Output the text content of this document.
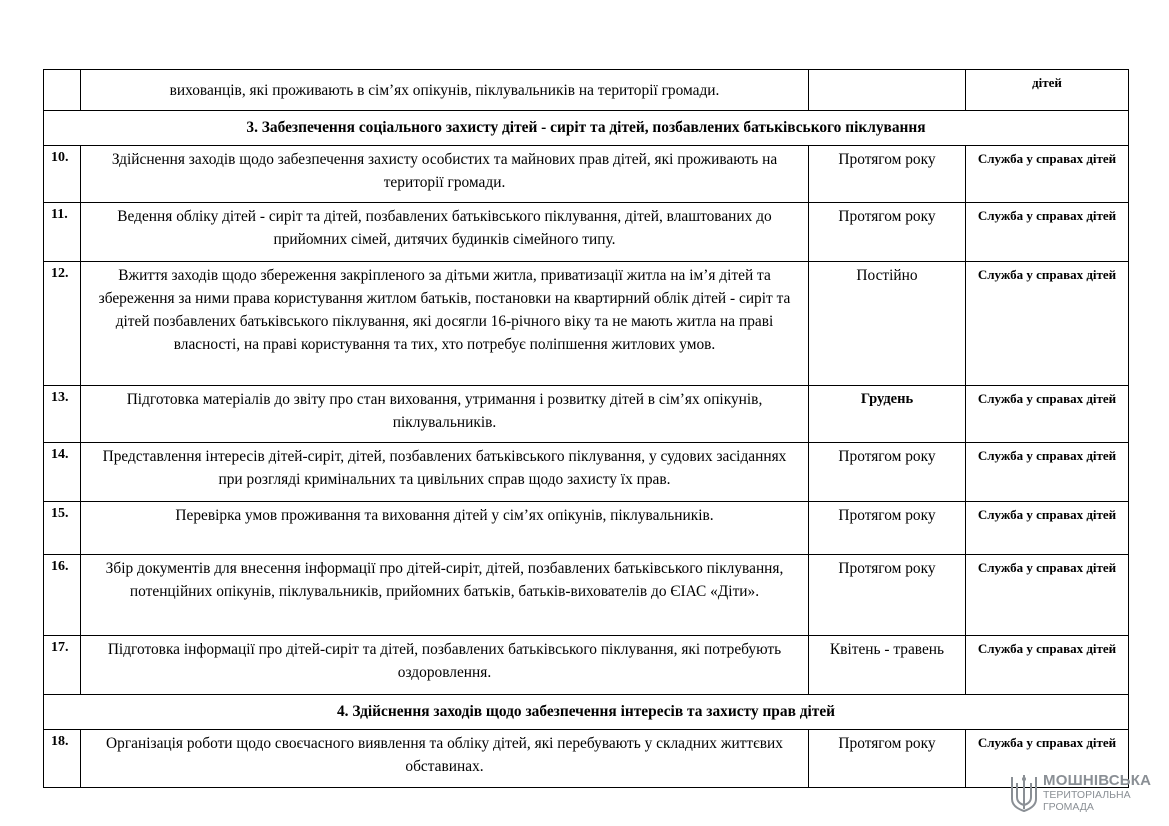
	вихованців, які проживають в сім’ях опікунів, піклувальників на території громади.		дітей
3. Забезпечення соціального захисту дітей - сиріт та дітей, позбавлених батьківського піклування			
10.	Здійснення заходів щодо забезпечення захисту особистих та майнових прав дітей, які проживають на території громади.	Протягом року	Служба у справах дітей
11.	Ведення обліку дітей - сиріт та дітей, позбавлених батьківського піклування, дітей, влаштованих до прийомних сімей, дитячих будинків сімейного типу.	Протягом року	Служба у справах дітей
12.	Вжиття заходів щодо збереження закріпленого за дітьми житла, приватизації житла на ім’я дітей та збереження за ними права користування житлом батьків, постановки на квартирний облік дітей - сиріт та дітей позбавлених батьківського піклування, які досягли 16-річного віку та не мають житла на праві власності, на праві користування та тих, хто потребує поліпшення житлових умов.	Постійно	Служба у справах дітей
13.	Підготовка матеріалів до звіту про стан виховання, утримання і розвитку дітей в сім’ях опікунів, піклувальників.	Грудень	Служба у справах дітей
14.	Представлення інтересів дітей-сиріт, дітей, позбавлених батьківського піклування, у судових засіданнях при розгляді кримінальних та цивільних справ щодо захисту їх прав.	Протягом року	Служба у справах дітей
15.	Перевірка умов проживання та виховання дітей у сім’ях опікунів, піклувальників.	Протягом року	Служба у справах дітей
16.	Збір документів для внесення інформації про дітей-сиріт, дітей, позбавлених батьківського піклування, потенційних опікунів, піклувальників, прийомних батьків, батьків-вихователів до ЄІАС «Діти».	Протягом року	Служба у справах дітей
17.	Підготовка інформації про дітей-сиріт та дітей, позбавлених батьківського піклування, які потребують оздоровлення.	Квітень - травень	Служба у справах дітей
4. Здійснення заходів щодо забезпечення інтересів та захисту прав дітей			
18.	Організація роботи щодо своєчасного виявлення та обліку дітей, які перебувають у складних життєвих обставинах.	Протягом року	Служба у справах дітей
МОШНІВСЬКА
ТЕРИТОРІАЛЬНА
ГРОМАДА
